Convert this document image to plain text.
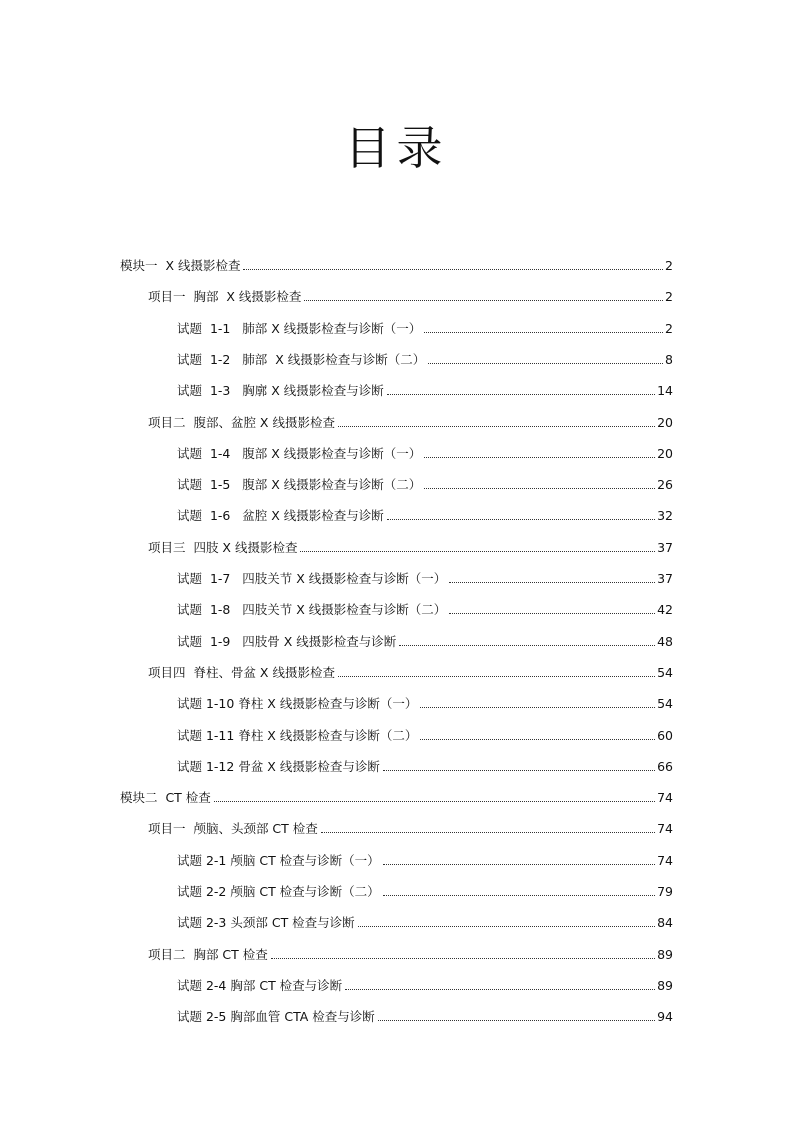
目录
模块一  X 线摄影检查	2
项目一  胸部  X 线摄影检查	2
试题  1-1   肺部 X 线摄影检查与诊断（一）	2
试题  1-2   肺部  X 线摄影检查与诊断（二）	8
试题  1-3   胸廓 X 线摄影检查与诊断	14
项目二  腹部、盆腔 X 线摄影检查	20
试题  1-4   腹部 X 线摄影检查与诊断（一）	20
试题  1-5   腹部 X 线摄影检查与诊断（二）	26
试题  1-6   盆腔 X 线摄影检查与诊断	32
项目三  四肢 X 线摄影检查	37
试题  1-7   四肢关节 X 线摄影检查与诊断（一）	37
试题  1-8   四肢关节 X 线摄影检查与诊断（二）	42
试题  1-9   四肢骨 X 线摄影检查与诊断	48
项目四  脊柱、骨盆 X 线摄影检查	54
试题 1-10 脊柱 X 线摄影检查与诊断（一）	54
试题 1-11 脊柱 X 线摄影检查与诊断（二）	60
试题 1-12 骨盆 X 线摄影检查与诊断	66
模块二  CT 检查	74
项目一  颅脑、头颈部 CT 检查	74
试题 2-1 颅脑 CT 检查与诊断（一）	74
试题 2-2 颅脑 CT 检查与诊断（二）	79
试题 2-3 头颈部 CT 检查与诊断	84
项目二  胸部 CT 检查	89
试题 2-4 胸部 CT 检查与诊断	89
试题 2-5 胸部血管 CTA 检查与诊断	94
